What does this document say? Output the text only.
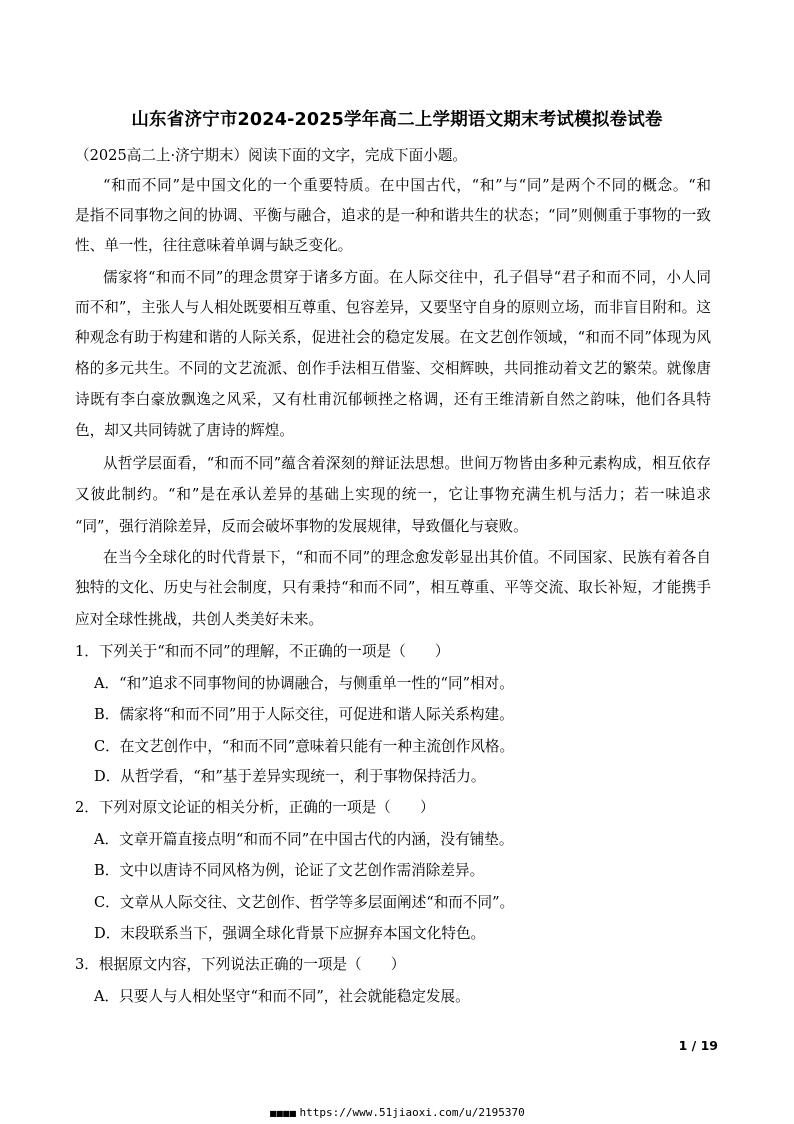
山东省济宁市2024-2025学年高二上学期语文期末考试模拟卷试卷
（2025高二上·济宁期末）阅读下面的文字，完成下面小题。
“和而不同”是中国文化的一个重要特质。在中国古代，“和”与“同”是两个不同的概念。“和
是指不同事物之间的协调、平衡与融合，追求的是一种和谐共生的状态；“同”则侧重于事物的一致
性、单一性，往往意味着单调与缺乏变化。
儒家将“和而不同”的理念贯穿于诸多方面。在人际交往中，孔子倡导“君子和而不同，小人同
而不和”，主张人与人相处既要相互尊重、包容差异，又要坚守自身的原则立场，而非盲目附和。这
种观念有助于构建和谐的人际关系，促进社会的稳定发展。在文艺创作领域，“和而不同”体现为风
格的多元共生。不同的文艺流派、创作手法相互借鉴、交相辉映，共同推动着文艺的繁荣。就像唐
诗既有李白豪放飘逸之风采，又有杜甫沉郁顿挫之格调，还有王维清新自然之韵味，他们各具特
色，却又共同铸就了唐诗的辉煌。
从哲学层面看，“和而不同”蕴含着深刻的辩证法思想。世间万物皆由多种元素构成，相互依存
又彼此制约。“和”是在承认差异的基础上实现的统一，它让事物充满生机与活力；若一味追求
“同”，强行消除差异，反而会破坏事物的发展规律，导致僵化与衰败。
在当今全球化的时代背景下，“和而不同”的理念愈发彰显出其价值。不同国家、民族有着各自
独特的文化、历史与社会制度，只有秉持“和而不同”，相互尊重、平等交流、取长补短，才能携手
应对全球性挑战，共创人类美好未来。
1．下列关于“和而不同”的理解，不正确的一项是（　　）
A．“和”追求不同事物间的协调融合，与侧重单一性的“同”相对。
B．儒家将“和而不同”用于人际交往，可促进和谐人际关系构建。
C．在文艺创作中，“和而不同”意味着只能有一种主流创作风格。
D．从哲学看，“和”基于差异实现统一，利于事物保持活力。
2．下列对原文论证的相关分析，正确的一项是（　　）
A．文章开篇直接点明“和而不同”在中国古代的内涵，没有铺垫。
B．文中以唐诗不同风格为例，论证了文艺创作需消除差异。
C．文章从人际交往、文艺创作、哲学等多层面阐述“和而不同”。
D．末段联系当下，强调全球化背景下应摒弃本国文化特色。
3．根据原文内容，下列说法正确的一项是（　　）
A．只要人与人相处坚守“和而不同”，社会就能稳定发展。
1 / 19
■■■■ https://www.51jiaoxi.com/u/2195370
